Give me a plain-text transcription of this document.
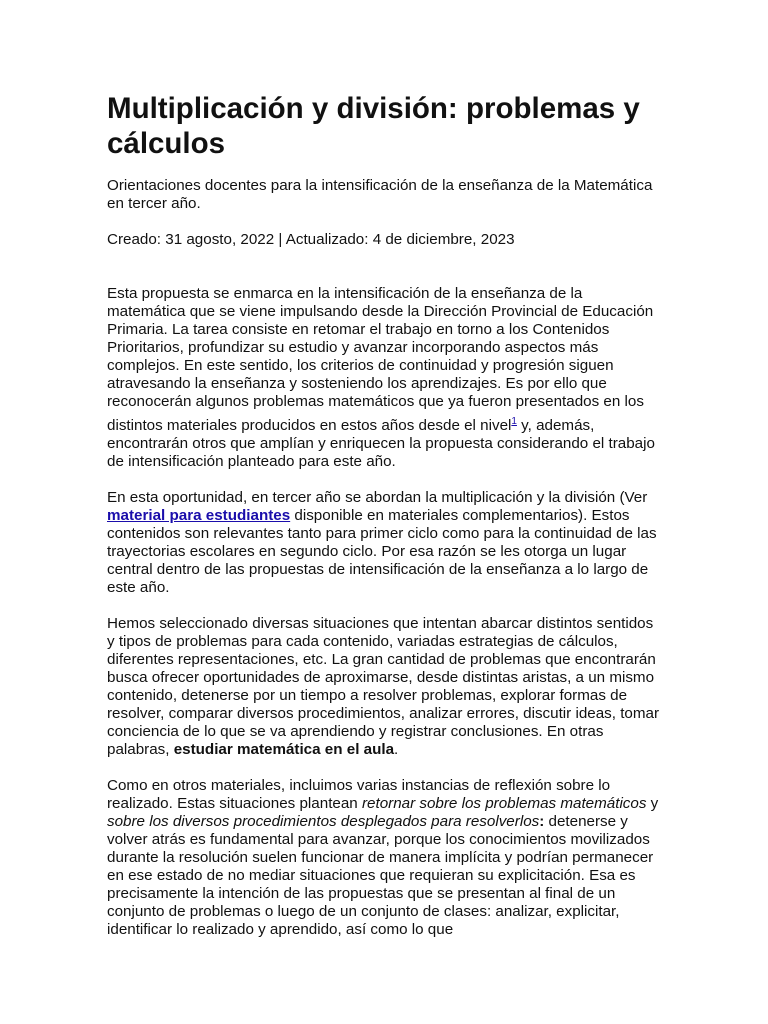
Multiplicación y división: problemas y cálculos

Orientaciones docentes para la intensificación de la enseñanza de la Matemática en tercer año.

Creado: 31 agosto, 2022 | Actualizado: 4 de diciembre, 2023

Esta propuesta se enmarca en la intensificación de la enseñanza de la matemática que se viene impulsando desde la Dirección Provincial de Educación Primaria. La tarea consiste en retomar el trabajo en torno a los Contenidos Prioritarios, profundizar su estudio y avanzar incorporando aspectos más complejos. En este sentido, los criterios de continuidad y progresión siguen atravesando la enseñanza y sosteniendo los aprendizajes. Es por ello que reconocerán algunos problemas matemáticos que ya fueron presentados en los distintos materiales producidos en estos años desde el nivel$^1$ y, además, encontrarán otros que amplían y enriquecen la propuesta considerando el trabajo de intensificación planteado para este año.

En esta oportunidad, en tercer año se abordan la multiplicación y la división (Ver material para estudiantes disponible en materiales complementarios). Estos contenidos son relevantes tanto para primer ciclo como para la continuidad de las trayectorias escolares en segundo ciclo. Por esa razón se les otorga un lugar central dentro de las propuestas de intensificación de la enseñanza a lo largo de este año.

Hemos seleccionado diversas situaciones que intentan abarcar distintos sentidos y tipos de problemas para cada contenido, variadas estrategias de cálculos, diferentes representaciones, etc. La gran cantidad de problemas que encontrarán busca ofrecer oportunidades de aproximarse, desde distintas aristas, a un mismo contenido, detenerse por un tiempo a resolver problemas, explorar formas de resolver, comparar diversos procedimientos, analizar errores, discutir ideas, tomar conciencia de lo que se va aprendiendo y registrar conclusiones. En otras palabras, estudiar matemática en el aula.

Como en otros materiales, incluimos varias instancias de reflexión sobre lo realizado. Estas situaciones plantean retornar sobre los problemas matemáticos y sobre los diversos procedimientos desplegados para resolverlos: detenerse y volver atrás es fundamental para avanzar, porque los conocimientos movilizados durante la resolución suelen funcionar de manera implícita y podrían permanecer en ese estado de no mediar situaciones que requieran su explicitación. Esa es precisamente la intención de las propuestas que se presentan al final de un conjunto de problemas o luego de un conjunto de clases: analizar, explicitar, identificar lo realizado y aprendido, así como lo que
